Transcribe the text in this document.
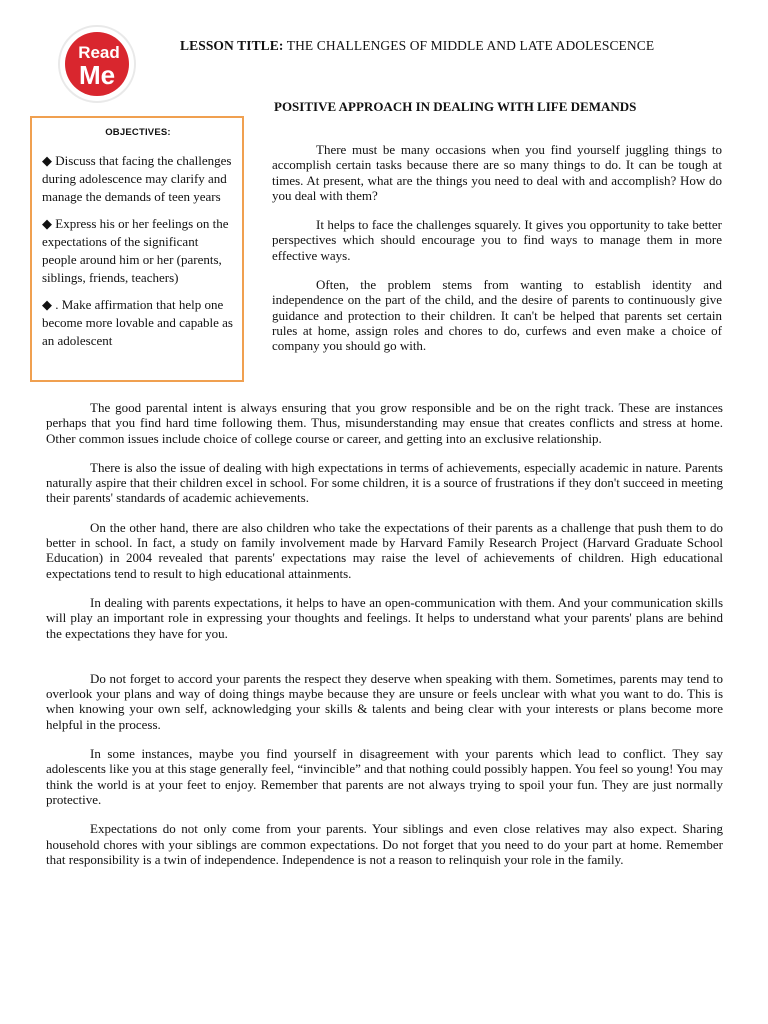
Read
Me
LESSON TITLE: THE CHALLENGES OF MIDDLE AND LATE ADOLESCENCE
POSITIVE APPROACH IN DEALING WITH LIFE DEMANDS
OBJECTIVES:

◆ Discuss that facing the challenges during adolescence may clarify and manage the demands of teen years

◆ Express his or her feelings on the expectations of the significant people around him or her (parents, siblings, friends, teachers)

◆ . Make affirmation that help one become more lovable and capable as an adolescent

There must be many occasions when you find yourself juggling things to accomplish certain tasks because there are so many things to do. It can be tough at times. At present, what are the things you need to deal with and accomplish? How do you deal with them?

It helps to face the challenges squarely. It gives you opportunity to take better perspectives which should encourage you to find ways to manage them in more effective ways.

Often, the problem stems from wanting to establish identity and independence on the part of the child, and the desire of parents to continuously give guidance and protection to their children. It can't be helped that parents set certain rules at home, assign roles and chores to do, curfews and even make a choice of company you should go with.

The good parental intent is always ensuring that you grow responsible and be on the right track. These are instances perhaps that you find hard time following them. Thus, misunderstanding may ensue that creates conflicts and stress at home. Other common issues include choice of college course or career, and getting into an exclusive relationship.

There is also the issue of dealing with high expectations in terms of achievements, especially academic in nature. Parents naturally aspire that their children excel in school. For some children, it is a source of frustrations if they don't succeed in meeting their parents' standards of academic achievements.

On the other hand, there are also children who take the expectations of their parents as a challenge that push them to do better in school. In fact, a study on family involvement made by Harvard Family Research Project (Harvard Graduate School Education) in 2004 revealed that parents' expectations may raise the level of achievements of children. High educational expectations tend to result to high educational attainments.

In dealing with parents expectations, it helps to have an open-communication with them. And your communication skills will play an important role in expressing your thoughts and feelings. It helps to understand what your parents' plans are behind the expectations they have for you.

Do not forget to accord your parents the respect they deserve when speaking with them. Sometimes, parents may tend to overlook your plans and way of doing things maybe because they are unsure or feels unclear with what you want to do. This is when knowing your own self, acknowledging your skills & talents and being clear with your interests or plans become more helpful in the process.

In some instances, maybe you find yourself in disagreement with your parents which lead to conflict. They say adolescents like you at this stage generally feel, “invincible” and that nothing could possibly happen. You feel so young! You may think the world is at your feet to enjoy. Remember that parents are not always trying to spoil your fun. They are just normally protective.

Expectations do not only come from your parents. Your siblings and even close relatives may also expect. Sharing household chores with your siblings are common expectations. Do not forget that you need to do your part at home. Remember that responsibility is a twin of independence. Independence is not a reason to relinquish your role in the family.
